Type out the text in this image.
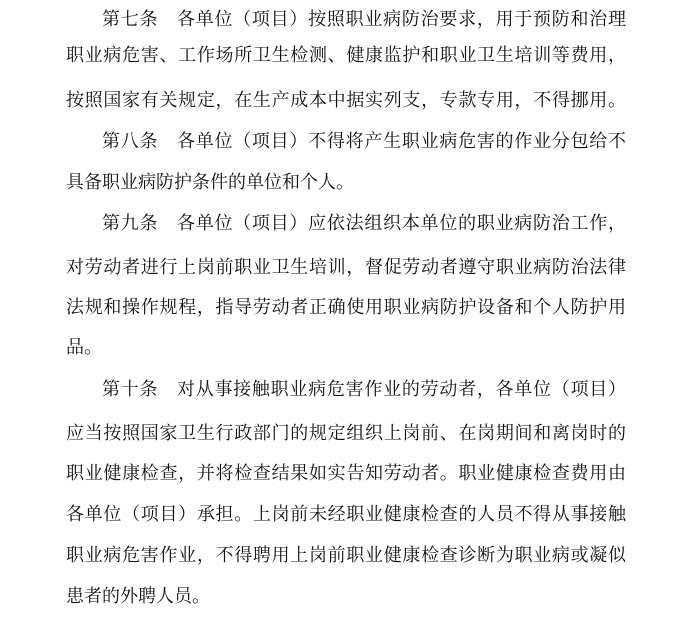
第七条　各单位（项目）按照职业病防治要求，用于预防和治理
职业病危害、工作场所卫生检测、健康监护和职业卫生培训等费用，
按照国家有关规定，在生产成本中据实列支，专款专用，不得挪用。
第八条　各单位（项目）不得将产生职业病危害的作业分包给不
具备职业病防护条件的单位和个人。
第九条　各单位（项目）应依法组织本单位的职业病防治工作，
对劳动者进行上岗前职业卫生培训，督促劳动者遵守职业病防治法律
法规和操作规程，指导劳动者正确使用职业病防护设备和个人防护用
品。
第十条　对从事接触职业病危害作业的劳动者，各单位（项目）
应当按照国家卫生行政部门的规定组织上岗前、在岗期间和离岗时的
职业健康检查，并将检查结果如实告知劳动者。职业健康检查费用由
各单位（项目）承担。上岗前未经职业健康检查的人员不得从事接触
职业病危害作业，不得聘用上岗前职业健康检查诊断为职业病或凝似
患者的外聘人员。
